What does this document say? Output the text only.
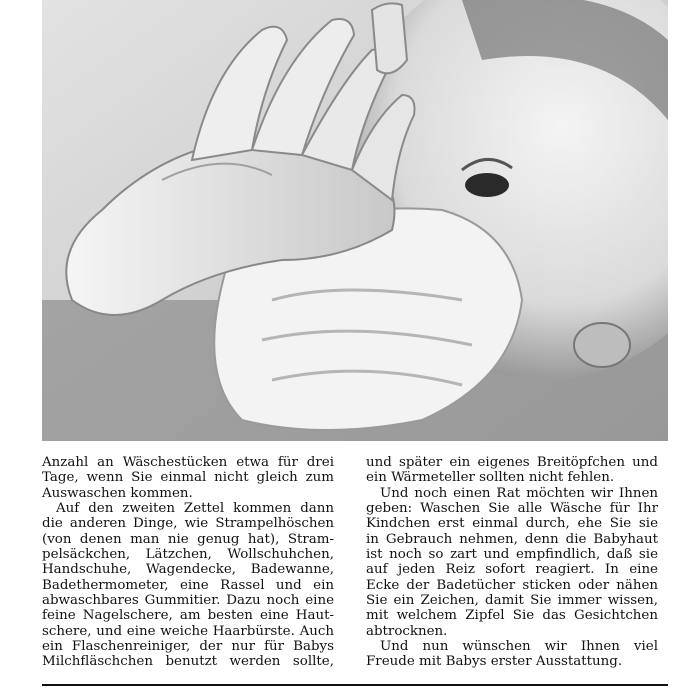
Anzahl an Wäschestücken etwa für drei
Tage, wenn Sie einmal nicht gleich zum
Auswaschen kommen.
Auf den zweiten Zettel kommen dann
die anderen Dinge, wie Strampelhöschen
(von denen man nie genug hat), Stram-
pelsäckchen, Lätzchen, Wollschuhchen,
Handschuhe, Wagendecke, Badewanne,
Badethermometer, eine Rassel und ein
abwaschbares Gummitier. Dazu noch eine
feine Nagelschere, am besten eine Haut-
schere, und eine weiche Haarbürste. Auch
ein Flaschenreiniger, der nur für Babys
Milchfläschchen benutzt werden sollte,
und später ein eigenes Breitöpfchen und
ein Wärmeteller sollten nicht fehlen.
Und noch einen Rat möchten wir Ihnen
geben: Waschen Sie alle Wäsche für Ihr
Kindchen erst einmal durch, ehe Sie sie
in Gebrauch nehmen, denn die Babyhaut
ist noch so zart und empfindlich, daß sie
auf jeden Reiz sofort reagiert. In eine
Ecke der Badetücher sticken oder nähen
Sie ein Zeichen, damit Sie immer wissen,
mit welchem Zipfel Sie das Gesichtchen
abtrocknen.
Und nun wünschen wir Ihnen viel
Freude mit Babys erster Ausstattung.
